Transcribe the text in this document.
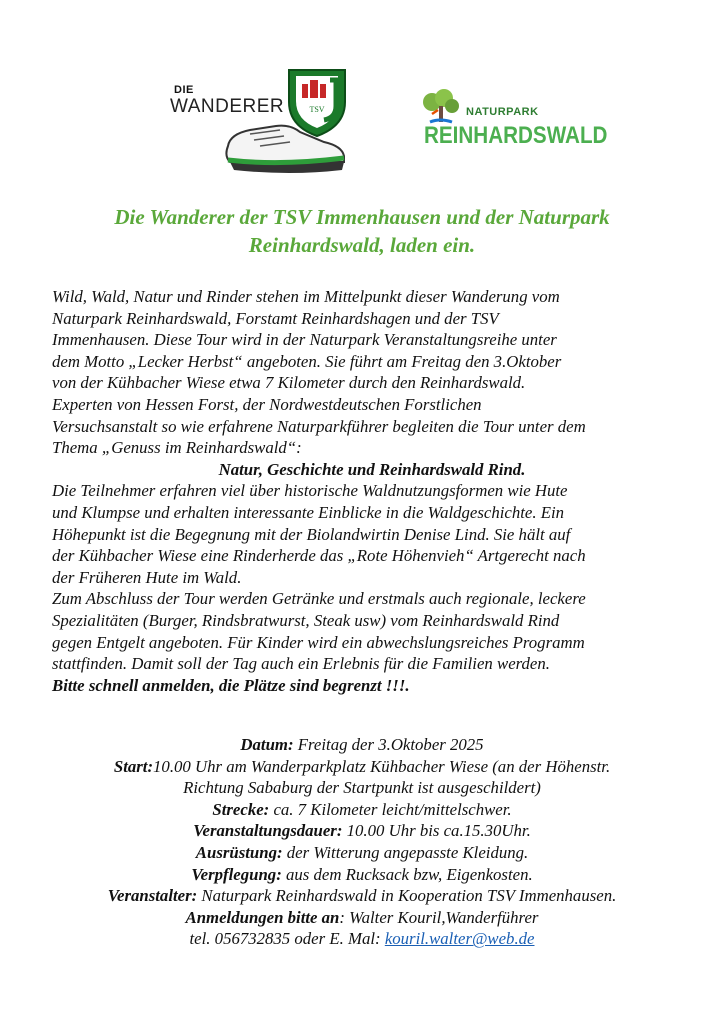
DIE
WANDERER	TSV	NATURPARK
REINHARDSWALD
Die Wanderer der TSV Immenhausen und der Naturpark
Reinhardswald, laden ein.

Wild, Wald, Natur und Rinder stehen im Mittelpunkt dieser Wanderung vom

Naturpark Reinhardswald, Forstamt Reinhardshagen und der TSV

Immenhausen. Diese Tour wird in der Naturpark Veranstaltungsreihe unter

dem Motto „Lecker Herbst“ angeboten. Sie führt am Freitag den 3.Oktober

von der Kühbacher Wiese etwa 7 Kilometer durch den Reinhardswald.

Experten von Hessen Forst, der Nordwestdeutschen Forstlichen

Versuchsanstalt so wie erfahrene Naturparkführer begleiten die Tour unter dem

Thema „Genuss im Reinhardswald“:

Natur, Geschichte und Reinhardswald Rind.

Die Teilnehmer erfahren viel über historische Waldnutzungsformen wie Hute

und Klumpse und erhalten interessante Einblicke in die Waldgeschichte. Ein

Höhepunkt ist die Begegnung mit der Biolandwirtin Denise Lind. Sie hält auf

der Kühbacher Wiese eine Rinderherde das „Rote Höhenvieh“ Artgerecht nach

der Früheren Hute im Wald.

Zum Abschluss der Tour werden Getränke und erstmals auch regionale, leckere

Spezialitäten (Burger, Rindsbratwurst, Steak usw) vom Reinhardswald Rind

gegen Entgelt angeboten. Für Kinder wird ein abwechslungsreiches Programm

stattfinden. Damit soll der Tag auch ein Erlebnis für die Familien werden.

Bitte schnell anmelden, die Plätze sind begrenzt !!!.

Datum: Freitag der 3.Oktober 2025

Start:10.00 Uhr am Wanderparkplatz Kühbacher Wiese (an der Höhenstr.

Richtung Sababurg der Startpunkt ist ausgeschildert)

Strecke: ca. 7 Kilometer leicht/mittelschwer.

Veranstaltungsdauer: 10.00 Uhr bis ca.15.30Uhr.

Ausrüstung: der Witterung angepasste Kleidung.

Verpflegung: aus dem Rucksack bzw, Eigenkosten.

Veranstalter: Naturpark Reinhardswald in Kooperation TSV Immenhausen.

Anmeldungen bitte an: Walter Kouril,Wanderführer

tel. 056732835 oder E. Mal: kouril.walter@web.de
